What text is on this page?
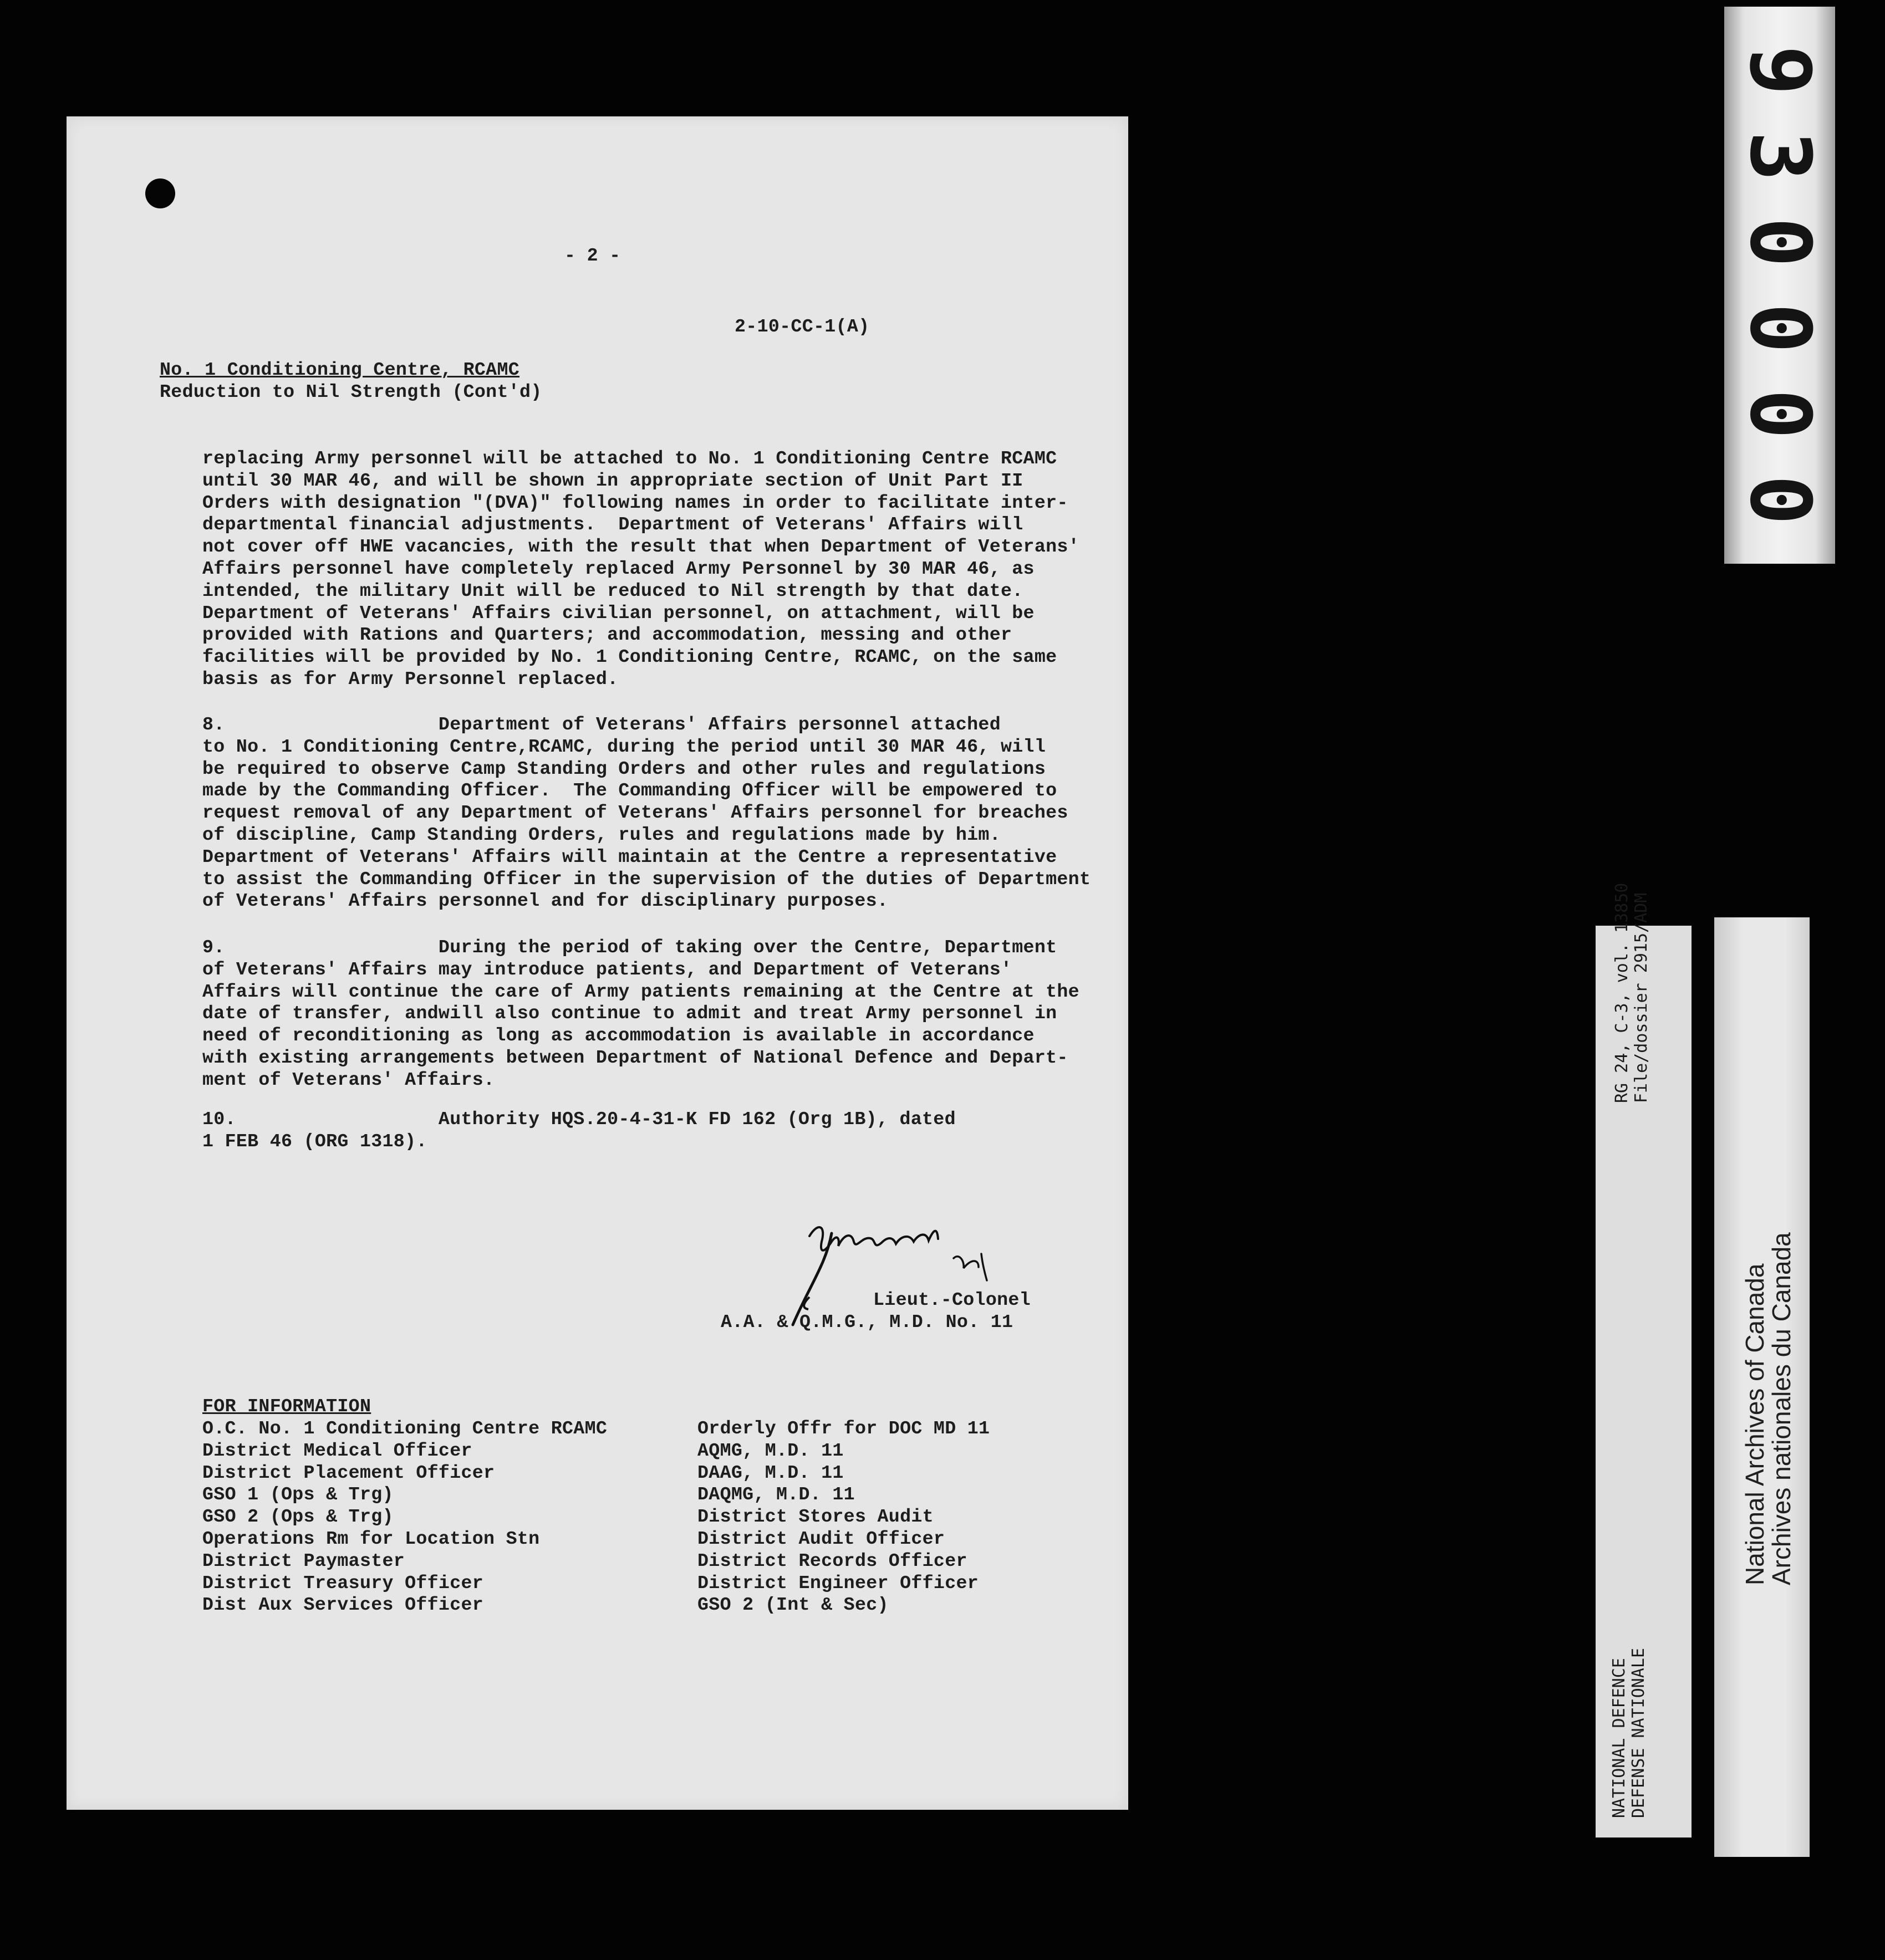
- 2 -
2-10-CC-1(A)
No. 1 Conditioning Centre, RCAMC
Reduction to Nil Strength (Cont'd)
replacing Army personnel will be attached to No. 1 Conditioning Centre RCAMC
until 30 MAR 46, and will be shown in appropriate section of Unit Part II
Orders with designation "(DVA)" following names in order to facilitate inter-
departmental financial adjustments.  Department of Veterans' Affairs will
not cover off HWE vacancies, with the result that when Department of Veterans'
Affairs personnel have completely replaced Army Personnel by 30 MAR 46, as
intended, the military Unit will be reduced to Nil strength by that date.
Department of Veterans' Affairs civilian personnel, on attachment, will be
provided with Rations and Quarters; and accommodation, messing and other
facilities will be provided by No. 1 Conditioning Centre, RCAMC, on the same
basis as for Army Personnel replaced.
8.                   Department of Veterans' Affairs personnel attached
to No. 1 Conditioning Centre,RCAMC, during the period until 30 MAR 46, will
be required to observe Camp Standing Orders and other rules and regulations
made by the Commanding Officer.  The Commanding Officer will be empowered to
request removal of any Department of Veterans' Affairs personnel for breaches
of discipline, Camp Standing Orders, rules and regulations made by him.
Department of Veterans' Affairs will maintain at the Centre a representative
to assist the Commanding Officer in the supervision of the duties of Department
of Veterans' Affairs personnel and for disciplinary purposes.
9.                   During the period of taking over the Centre, Department
of Veterans' Affairs may introduce patients, and Department of Veterans'
Affairs will continue the care of Army patients remaining at the Centre at the
date of transfer, andwill also continue to admit and treat Army personnel in
need of reconditioning as long as accommodation is available in accordance
with existing arrangements between Department of National Defence and Depart-
ment of Veterans' Affairs.
10.                  Authority HQS.20-4-31-K FD 162 (Org 1B), dated
1 FEB 46 (ORG 1318).
Lieut.-Colonel
A.A. & Q.M.G., M.D. No. 11
FOR INFORMATION
O.C. No. 1 Conditioning Centre RCAMC
District Medical Officer
District Placement Officer
GSO 1 (Ops & Trg)
GSO 2 (Ops & Trg)
Operations Rm for Location Stn
District Paymaster
District Treasury Officer
Dist Aux Services Officer
Orderly Offr for DOC MD 11
AQMG, M.D. 11
DAAG, M.D. 11
DAQMG, M.D. 11
District Stores Audit
District Audit Officer
District Records Officer
District Engineer Officer
GSO 2 (Int & Sec)
9
3
0
0
0
0
RG 24, C-3, vol. 13850 File/dossier 2915/ADM
NATIONAL DEFENCE DEFENSE NATIONALE
National Archives of Canada
Archives nationales du Canada
